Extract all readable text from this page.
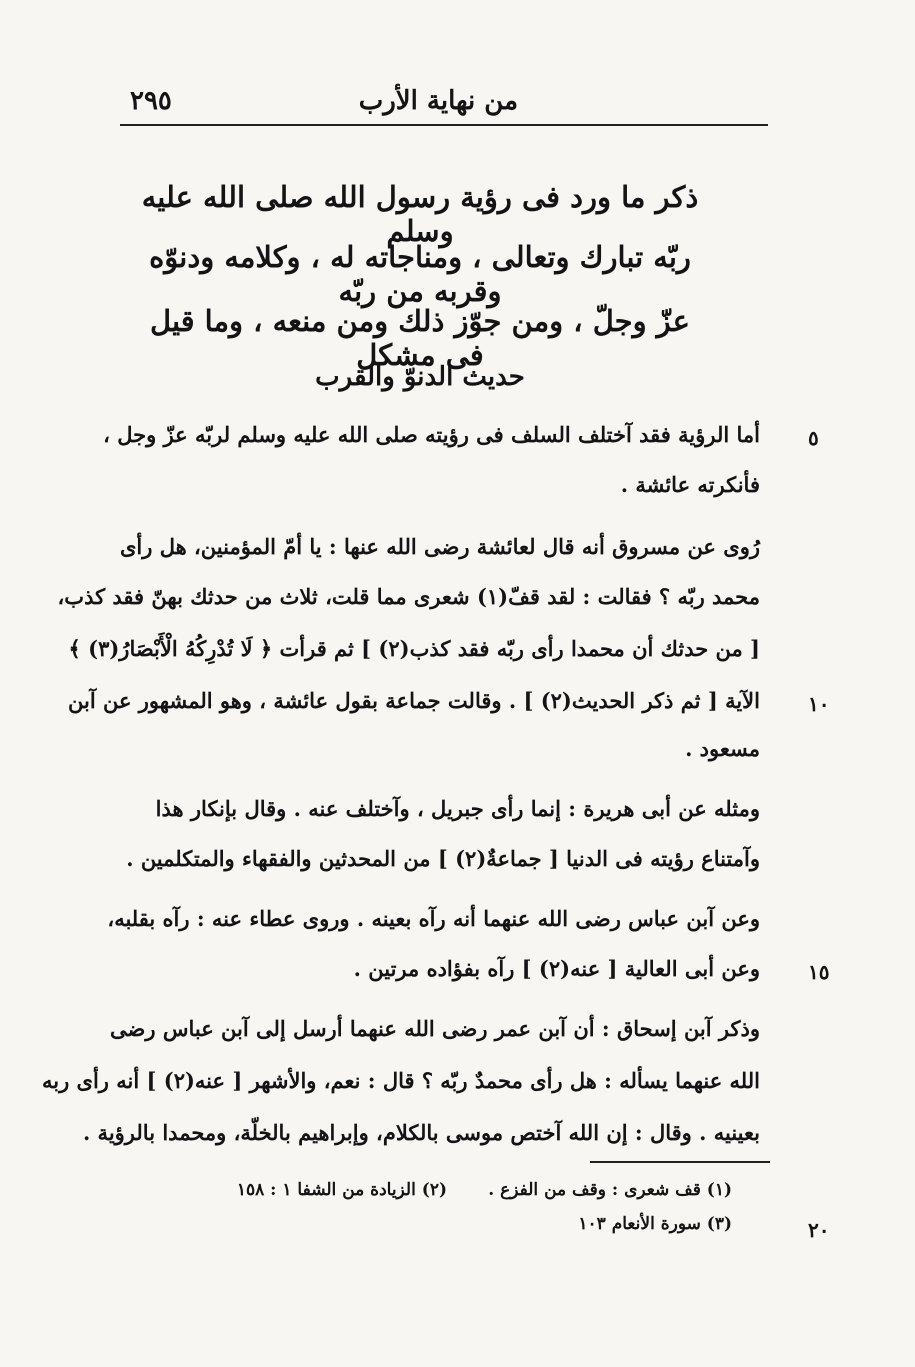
٢٩٥	من نهاية الأرب
ذكر ما ورد فى رؤية رسول الله صلى الله عليه وسلم
ربّه تبارك وتعالى ، ومناجاته له ، وكلامه ودنوّه وقربه من ربّه
عزّ وجلّ ، ومن جوّز ذلك ومن منعه ، وما قيل فى مشكل
حديث الدنوّ والقرب
أما الرؤية فقد آختلف السلف فى رؤيته صلى الله عليه وسلم لربّه عزّ وجل ،
فأنكرته عائشة .
رُوى عن مسروق أنه قال لعائشة رضى الله عنها : يا أمّ المؤمنين، هل رأى
محمد ربّه ؟ فقالت : لقد قفّ(١) شعرى مما قلت، ثلاث من حدثك بهنّ فقد كذب،
[ من حدثك أن محمدا رأى ربّه فقد كذب(٢) ] ثم قرأت ﴿ لَا تُدْرِكُهُ الْأَبْصَارُ(٣) ﴾
الآية [ ثم ذكر الحديث(٢) ] . وقالت جماعة بقول عائشة ، وهو المشهور عن آبن
مسعود .
ومثله عن أبى هريرة : إنما رأى جبريل ، وآختلف عنه . وقال بإنكار هذا
وآمتناع رؤيته فى الدنيا [ جماعةٌ(٢) ] من المحدثين والفقهاء والمتكلمين .
وعن آبن عباس رضى الله عنهما أنه رآه بعينه . وروى عطاء عنه : رآه بقلبه،
وعن أبى العالية [ عنه(٢) ] رآه بفؤاده مرتين .
وذكر آبن إسحاق : أن آبن عمر رضى الله عنهما أرسل إلى آبن عباس رضى
الله عنهما يسأله : هل رأى محمدٌ ربّه ؟ قال : نعم، والأشهر [ عنه(٢) ] أنه رأى ربه
بعينيه . وقال : إن الله آختص موسى بالكلام، وإبراهيم بالخلّة، ومحمدا بالرؤية .
٥
١٠
١٥
٢٠
(١) قف شعرى : وقف من الفزع .
(٢) الزيادة من الشفا ١ : ١٥٨
(٣) سورة الأنعام ١٠٣
